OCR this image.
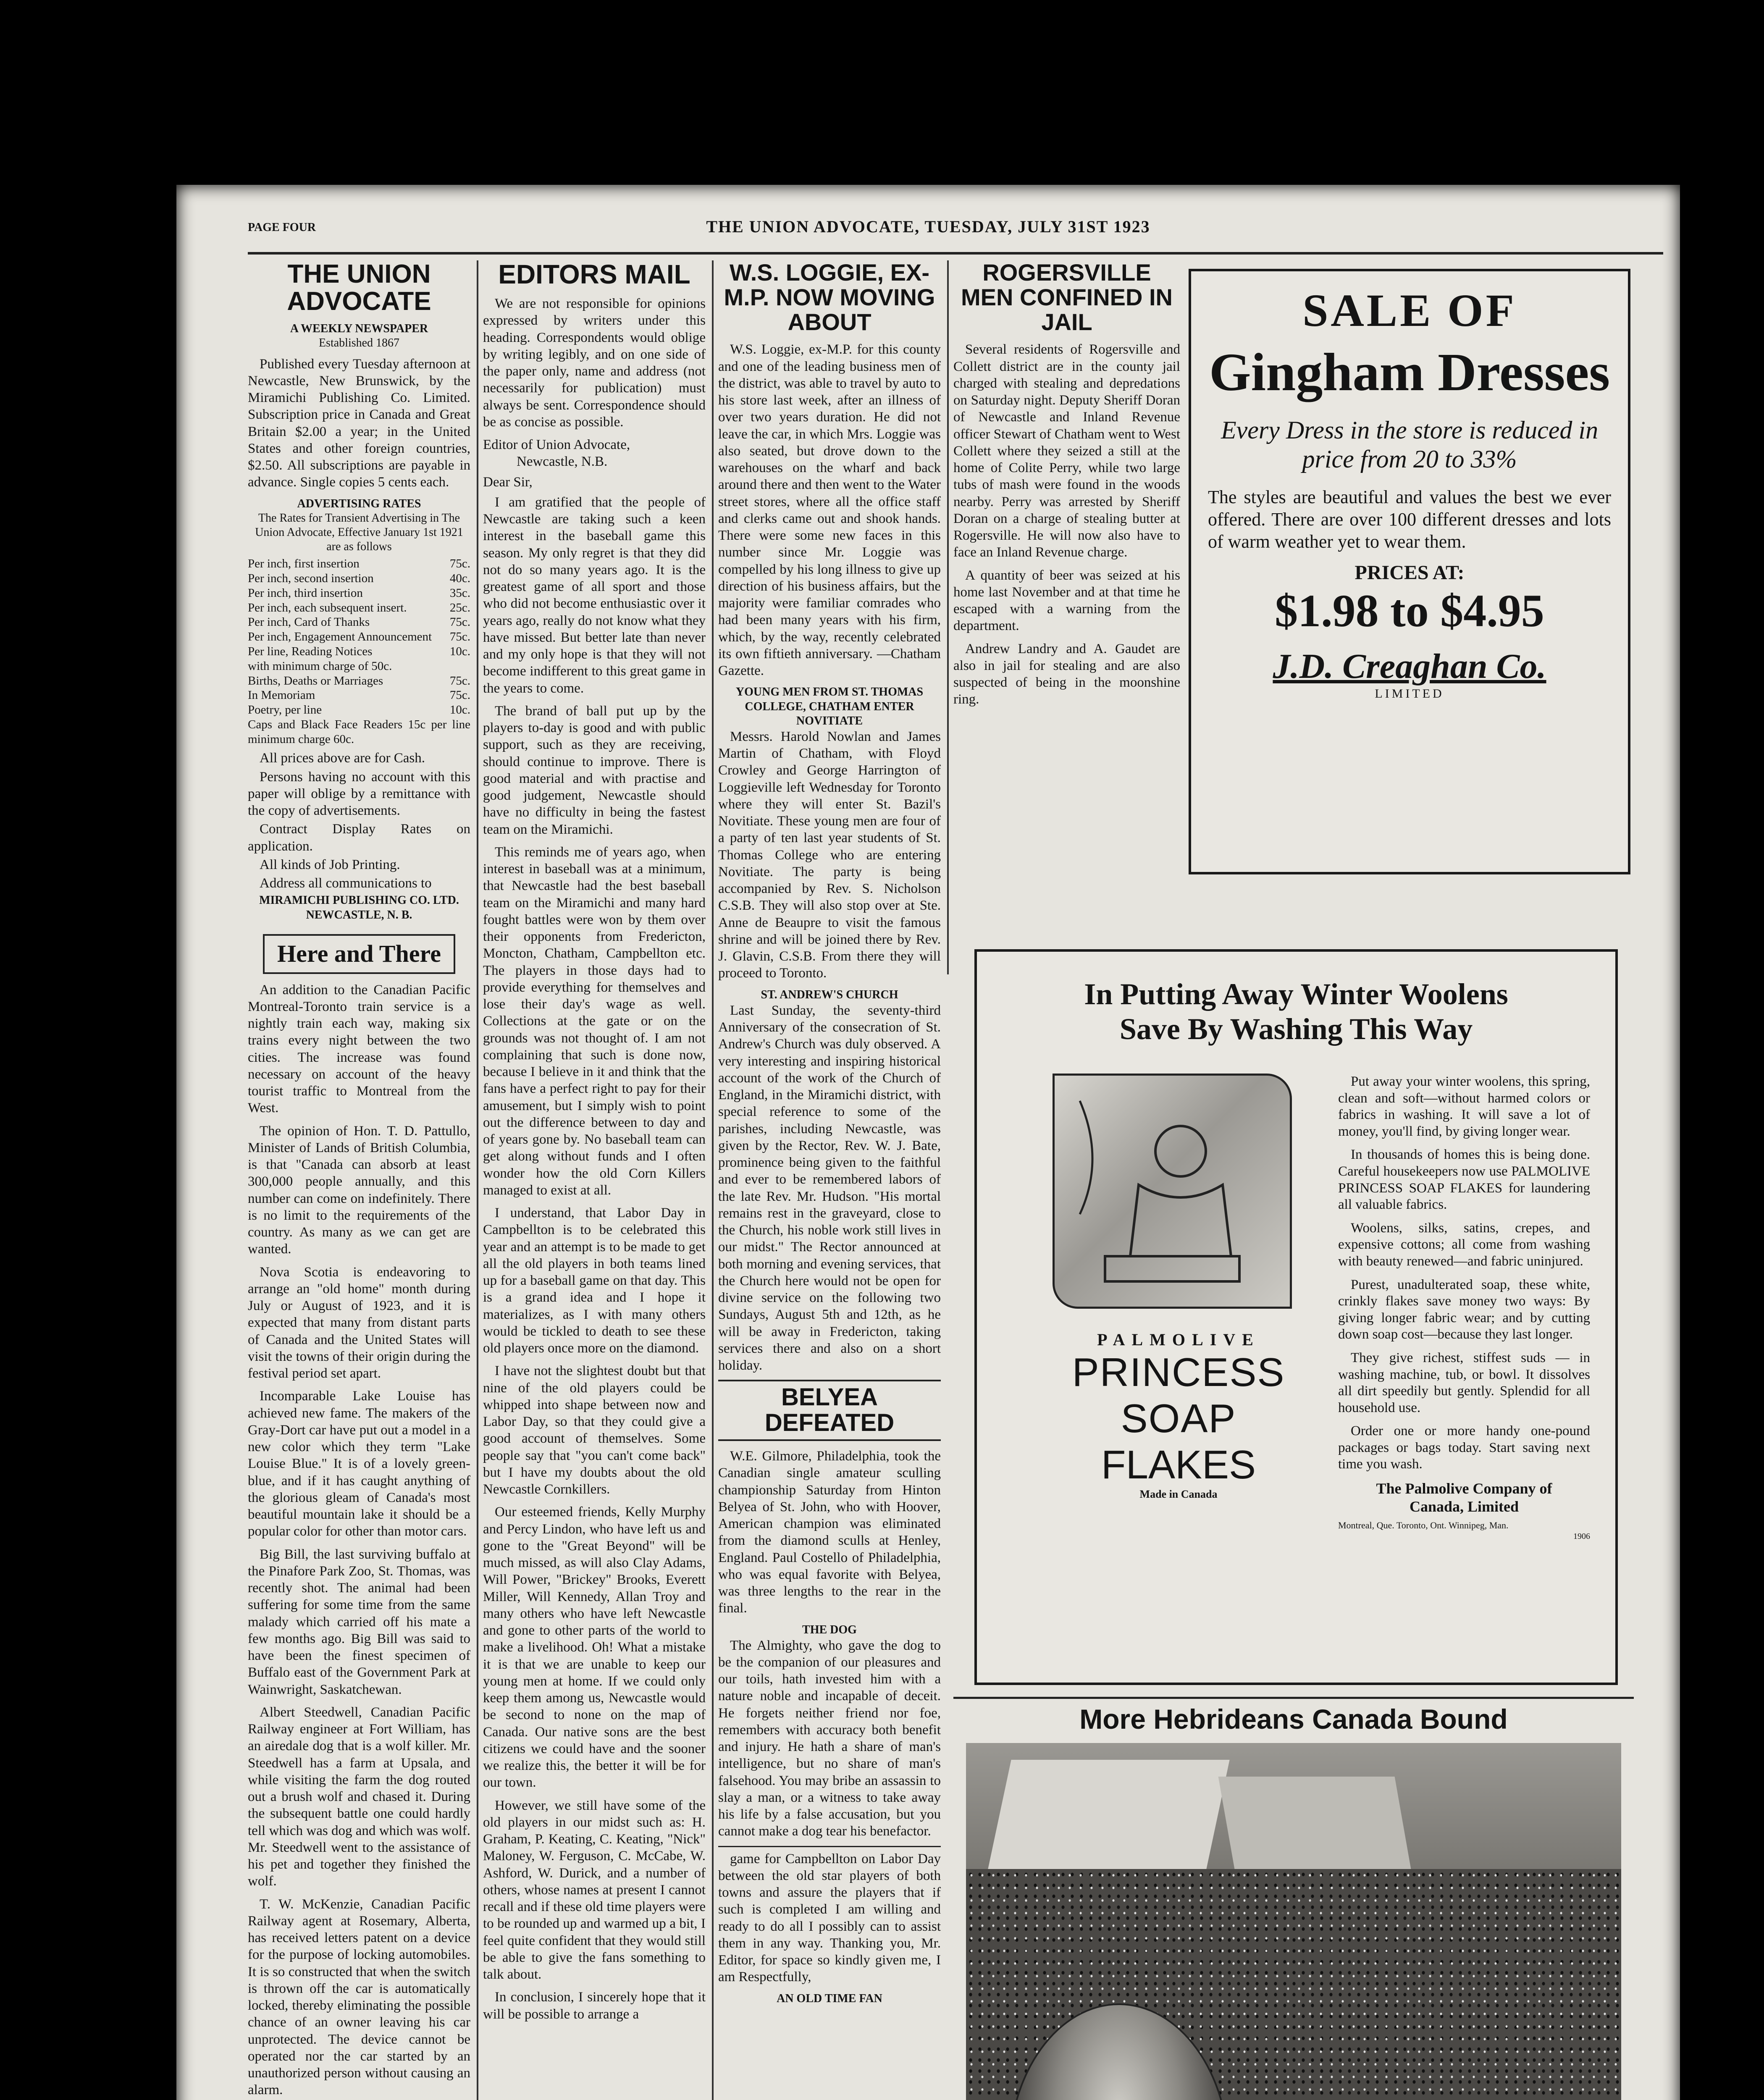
PAGE FOUR	THE UNION ADVOCATE, TUESDAY, JULY 31ST 1923
THE UNION ADVOCATE
A WEEKLY NEWSPAPER
Established 1867

Published every Tuesday afternoon at Newcastle, New Brunswick, by the Miramichi Publishing Co. Limited. Subscription price in Canada and Great Britain $2.00 a year; in the United States and other foreign countries, $2.50. All subscriptions are payable in advance. Single copies 5 cents each.

ADVERTISING RATES
The Rates for Transient Advertising in The Union Advocate, Effective January 1st 1921 are as follows
Per inch, first insertion	75c.
Per inch, second insertion	40c.
Per inch, third insertion	35c.
Per inch, each subsequent insert.	25c.
Per inch, Card of Thanks	75c.
Per inch, Engagement Announcement 75c.
Per line, Reading Notices	10c.
with minimum charge of 50c.
Births, Deaths or Marriages	75c.
In Memoriam	75c.
Poetry, per line	10c.
Caps and Black Face Readers 15c per line minimum charge 60c.

All prices above are for Cash.

Persons having no account with this paper will oblige by a remittance with the copy of advertisements.

Contract Display Rates on application.

All kinds of Job Printing.

Address all communications to

MIRAMICHI PUBLISHING CO. LTD.
NEWCASTLE, N. B.
Here and There

An addition to the Canadian Pacific Montreal-Toronto train service is a nightly train each way, making six trains every night between the two cities. The increase was found necessary on account of the heavy tourist traffic to Montreal from the West.

The opinion of Hon. T. D. Pattullo, Minister of Lands of British Columbia, is that "Canada can absorb at least 300,000 people annually, and this number can come on indefinitely. There is no limit to the requirements of the country. As many as we can get are wanted.

Nova Scotia is endeavoring to arrange an "old home" month during July or August of 1923, and it is expected that many from distant parts of Canada and the United States will visit the towns of their origin during the festival period set apart.

Incomparable Lake Louise has achieved new fame. The makers of the Gray-Dort car have put out a model in a new color which they term "Lake Louise Blue." It is of a lovely green-blue, and if it has caught anything of the glorious gleam of Canada's most beautiful mountain lake it should be a popular color for other than motor cars.

Big Bill, the last surviving buffalo at the Pinafore Park Zoo, St. Thomas, was recently shot. The animal had been suffering for some time from the same malady which carried off his mate a few months ago. Big Bill was said to have been the finest specimen of Buffalo east of the Government Park at Wainwright, Saskatchewan.

Albert Steedwell, Canadian Pacific Railway engineer at Fort William, has an airedale dog that is a wolf killer. Mr. Steedwell has a farm at Upsala, and while visiting the farm the dog routed out a brush wolf and chased it. During the subsequent battle one could hardly tell which was dog and which was wolf. Mr. Steedwell went to the assistance of his pet and together they finished the wolf.

T. W. McKenzie, Canadian Pacific Railway agent at Rosemary, Alberta, has received letters patent on a device for the purpose of locking automobiles. It is so constructed that when the switch is thrown off the car is automatically locked, thereby eliminating the possible chance of an owner leaving his car unprotected. The device cannot be operated nor the car started by an unauthorized person without causing an alarm.

EDITORS MAIL

We are not responsible for opinions expressed by writers under this heading. Correspondents would oblige by writing legibly, and on one side of the paper only, name and address (not necessarily for publication) must always be sent. Correspondence should be as concise as possible.

Editor of Union Advocate,
Newcastle, N.B.
Dear Sir,

I am gratified that the people of Newcastle are taking such a keen interest in the baseball game this season. My only regret is that they did not do so many years ago. It is the greatest game of all sport and those who did not become enthusiastic over it years ago, really do not know what they have missed. But better late than never and my only hope is that they will not become indifferent to this great game in the years to come.

The brand of ball put up by the players to-day is good and with public support, such as they are receiving, should continue to improve. There is good material and with practise and good judgement, Newcastle should have no difficulty in being the fastest team on the Miramichi.

This reminds me of years ago, when interest in baseball was at a minimum, that Newcastle had the best baseball team on the Miramichi and many hard fought battles were won by them over their opponents from Fredericton, Moncton, Chatham, Campbellton etc. The players in those days had to provide everything for themselves and lose their day's wage as well. Collections at the gate or on the grounds was not thought of. I am not complaining that such is done now, because I believe in it and think that the fans have a perfect right to pay for their amusement, but I simply wish to point out the difference between to day and of years gone by. No baseball team can get along without funds and I often wonder how the old Corn Killers managed to exist at all.

I understand, that Labor Day in Campbellton is to be celebrated this year and an attempt is to be made to get all the old players in both teams lined up for a baseball game on that day. This is a grand idea and I hope it materializes, as I with many others would be tickled to death to see these old players once more on the diamond.

I have not the slightest doubt but that nine of the old players could be whipped into shape between now and Labor Day, so that they could give a good account of themselves. Some people say that "you can't come back" but I have my doubts about the old Newcastle Cornkillers.

Our esteemed friends, Kelly Murphy and Percy Lindon, who have left us and gone to the "Great Beyond" will be much missed, as will also Clay Adams, Will Power, "Brickey" Brooks, Everett Miller, Will Kennedy, Allan Troy and many others who have left Newcastle and gone to other parts of the world to make a livelihood. Oh! What a mistake it is that we are unable to keep our young men at home. If we could only keep them among us, Newcastle would be second to none on the map of Canada. Our native sons are the best citizens we could have and the sooner we realize this, the better it will be for our town.

However, we still have some of the old players in our midst such as: H. Graham, P. Keating, C. Keating, "Nick" Maloney, W. Ferguson, C. McCabe, W. Ashford, W. Durick, and a number of others, whose names at present I cannot recall and if these old time players were to be rounded up and warmed up a bit, I feel quite confident that they would still be able to give the fans something to talk about.

In conclusion, I sincerely hope that it will be possible to arrange a

W.S. LOGGIE, EX-M.P. NOW MOVING ABOUT

W.S. Loggie, ex-M.P. for this county and one of the leading business men of the district, was able to travel by auto to his store last week, after an illness of over two years duration. He did not leave the car, in which Mrs. Loggie was also seated, but drove down to the warehouses on the wharf and back around there and then went to the Water street stores, where all the office staff and clerks came out and shook hands. There were some new faces in this number since Mr. Loggie was compelled by his long illness to give up direction of his business affairs, but the majority were familiar comrades who had been many years with his firm, which, by the way, recently celebrated its own fiftieth anniversary. —Chatham Gazette.

YOUNG MEN FROM ST. THOMAS COLLEGE, CHATHAM ENTER NOVITIATE

Messrs. Harold Nowlan and James Martin of Chatham, with Floyd Crowley and George Harrington of Loggieville left Wednesday for Toronto where they will enter St. Bazil's Novitiate. These young men are four of a party of ten last year students of St. Thomas College who are entering Novitiate. The party is being accompanied by Rev. S. Nicholson C.S.B. They will also stop over at Ste. Anne de Beaupre to visit the famous shrine and will be joined there by Rev. J. Glavin, C.S.B. From there they will proceed to Toronto.

ST. ANDREW'S CHURCH

Last Sunday, the seventy-third Anniversary of the consecration of St. Andrew's Church was duly observed. A very interesting and inspiring historical account of the work of the Church of England, in the Miramichi district, with special reference to some of the parishes, including Newcastle, was given by the Rector, Rev. W. J. Bate, prominence being given to the faithful and ever to be remembered labors of the late Rev. Mr. Hudson. "His mortal remains rest in the graveyard, close to the Church, his noble work still lives in our midst." The Rector announced at both morning and evening services, that the Church here would not be open for divine service on the following two Sundays, August 5th and 12th, as he will be away in Fredericton, taking services there and also on a short holiday.

BELYEA DEFEATED

W.E. Gilmore, Philadelphia, took the Canadian single amateur sculling championship Saturday from Hinton Belyea of St. John, who with Hoover, American champion was eliminated from the diamond sculls at Henley, England. Paul Costello of Philadelphia, who was equal favorite with Belyea, was three lengths to the rear in the final.

THE DOG

The Almighty, who gave the dog to be the companion of our pleasures and our toils, hath invested him with a nature noble and incapable of deceit. He forgets neither friend nor foe, remembers with accuracy both benefit and injury. He hath a share of man's intelligence, but no share of man's falsehood. You may bribe an assassin to slay a man, or a witness to take away his life by a false accusation, but you cannot make a dog tear his benefactor.

game for Campbellton on Labor Day between the old star players of both towns and assure the players that if such is completed I am willing and ready to do all I possibly can to assist them in any way. Thanking you, Mr. Editor, for space so kindly given me, I am Respectfully,

AN OLD TIME FAN
ROGERSVILLE MEN CONFINED IN JAIL

Several residents of Rogersville and Collett district are in the county jail charged with stealing and depredations on Saturday night. Deputy Sheriff Doran of Newcastle and Inland Revenue officer Stewart of Chatham went to West Collett where they seized a still at the home of Colite Perry, while two large tubs of mash were found in the woods nearby. Perry was arrested by Sheriff Doran on a charge of stealing butter at Rogersville. He will now also have to face an Inland Revenue charge.

A quantity of beer was seized at his home last November and at that time he escaped with a warning from the department.

Andrew Landry and A. Gaudet are also in jail for stealing and are also suspected of being in the moonshine ring.

SALE OF
Gingham Dresses
Every Dress in the store is reduced in price from 20 to 33%
The styles are beautiful and values the best we ever offered. There are over 100 different dresses and lots of warm weather yet to wear them.
PRICES AT:
$1.98 to $4.95
J.D. Creaghan Co.
LIMITED
In Putting Away Winter Woolens
Save By Washing This Way
PALMOLIVE
PRINCESS SOAP
FLAKES
Made in Canada

Put away your winter woolens, this spring, clean and soft—without harmed colors or fabrics in washing. It will save a lot of money, you'll find, by giving longer wear.

In thousands of homes this is being done. Careful housekeepers now use PALMOLIVE PRINCESS SOAP FLAKES for laundering all valuable fabrics.

Woolens, silks, satins, crepes, and expensive cottons; all come from washing with beauty renewed—and fabric uninjured.

Purest, unadulterated soap, these white, crinkly flakes save money two ways: By giving longer fabric wear; and by cutting down soap cost—because they last longer.

They give richest, stiffest suds — in washing machine, tub, or bowl. It dissolves all dirt speedily but gently. Splendid for all household use.

Order one or more handy one-pound packages or bags today. Start saving next time you wash.

The Palmolive Company of
Canada, Limited
Montreal, Que. Toronto, Ont. Winnipeg, Man.
1906
More Hebrideans Canada Bound
